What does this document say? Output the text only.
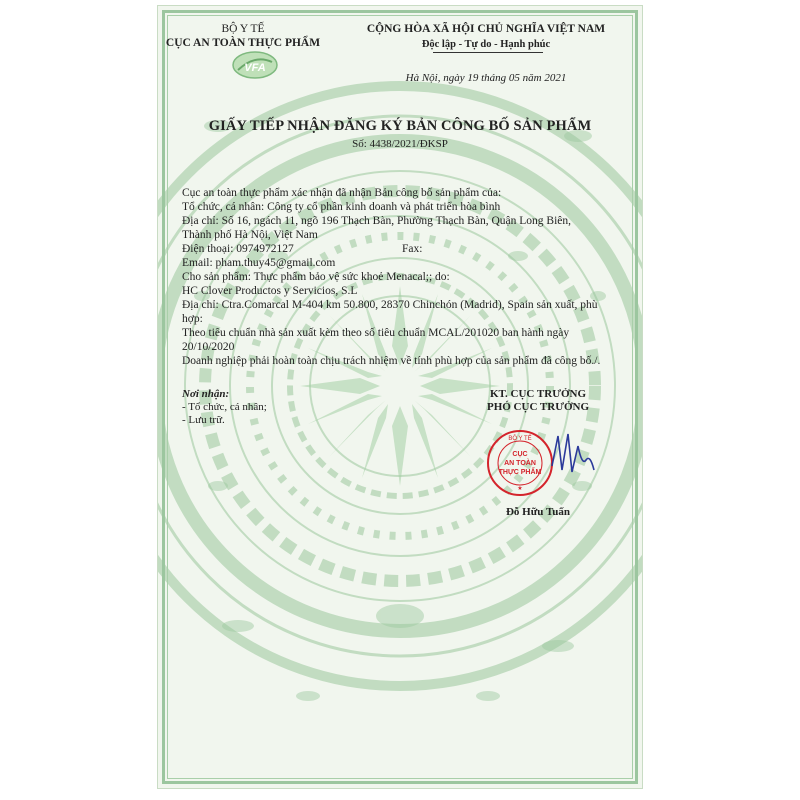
BỘ Y TẾ
CỤC AN TOÀN THỰC PHẨM
VFA
CỘNG HÒA XÃ HỘI CHỦ NGHĨA VIỆT NAM
Độc lập - Tự do - Hạnh phúc
Hà Nội, ngày 19 tháng 05 năm 2021
GIẤY TIẾP NHẬN ĐĂNG KÝ BẢN CÔNG BỐ SẢN PHẨM
Số: 4438/2021/ĐKSP
Cục an toàn thực phẩm xác nhận đã nhận Bản công bố sản phẩm của:
Tổ chức, cá nhân: Công ty cổ phần kinh doanh và phát triển hòa bình
Địa chỉ: Số 16, ngách 11, ngõ 196 Thạch Bàn, Phường Thạch Bàn, Quận Long Biên,
Thành phố Hà Nội, Việt Nam
Điện thoại: 0974972127	Fax:
Email: pham.thuy45@gmail.com
Cho sản phẩm: Thực phẩm bảo vệ sức khoẻ Menacal;; do:
HC Clover Productos y Servicios, S.L
Địa chỉ: Ctra.Comarcal M-404 km 50.800, 28370 Chinchón (Madrid), Spain sản xuất, phù
hợp:
Theo tiêu chuẩn nhà sản xuất kèm theo số tiêu chuẩn MCAL/201020 ban hành ngày
20/10/2020
Doanh nghiệp phải hoàn toàn chịu trách nhiệm về tính phù hợp của sản phẩm đã công bố./.
Nơi nhận:
- Tổ chức, cá nhân;
- Lưu trữ.
KT. CỤC TRƯỞNG
PHÓ CỤC TRƯỞNG
BỘ Y TẾ
CỤC
AN TOÀN
THỰC PHẨM
★
Đỗ Hữu Tuấn
